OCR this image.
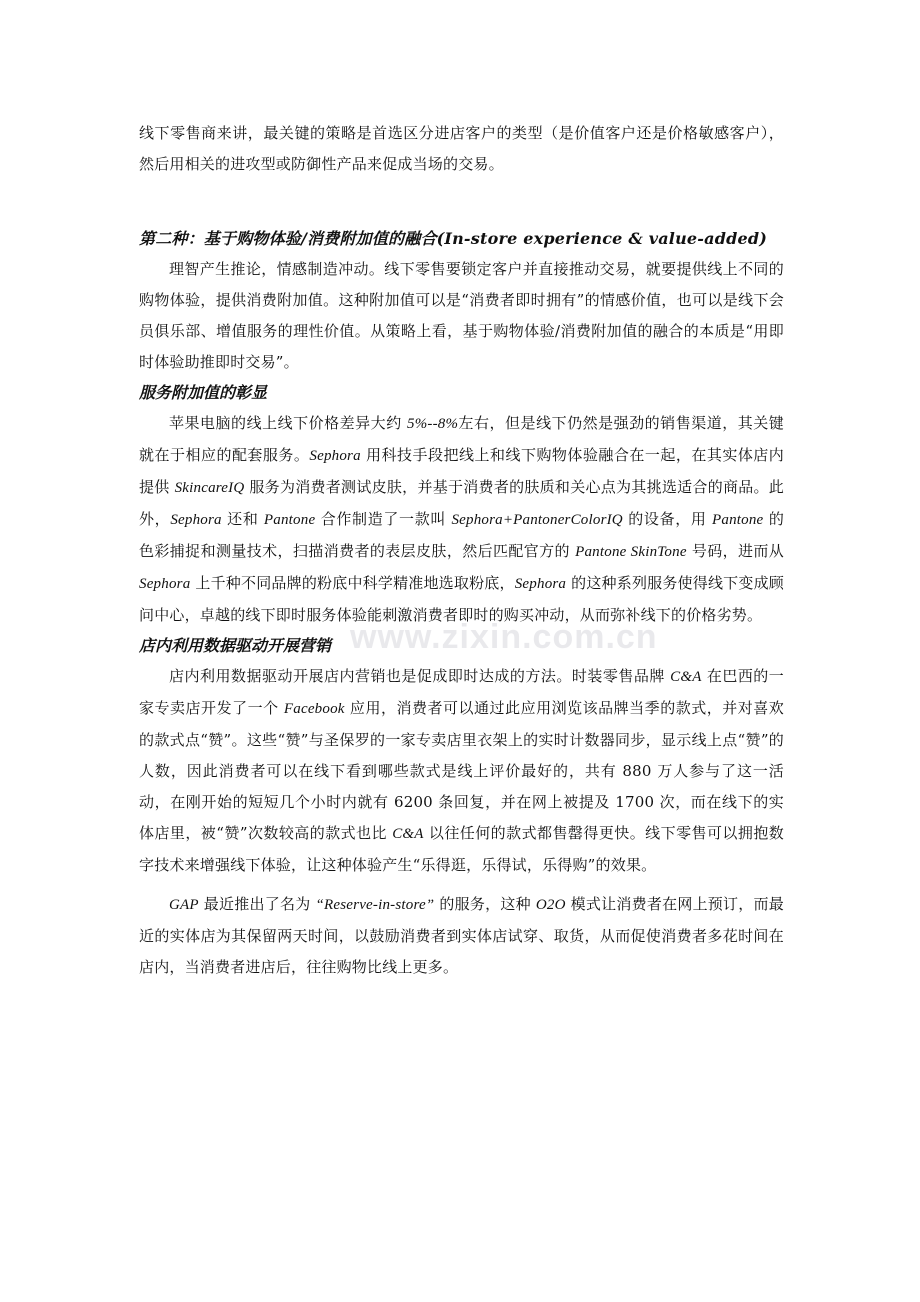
线下零售商来讲，最关键的策略是首选区分进店客户的类型（是价值客户还是价格敏感客户），然后用相关的进攻型或防御性产品来促成当场的交易。

第二种：基于购物体验/消费附加值的融合(In-store experience & value-added)

理智产生推论，情感制造冲动。线下零售要锁定客户并直接推动交易，就要提供线上不同的购物体验，提供消费附加值。这种附加值可以是“消费者即时拥有”的情感价值，也可以是线下会员俱乐部、增值服务的理性价值。从策略上看，基于购物体验/消费附加值的融合的本质是“用即时体验助推即时交易”。

服务附加值的彰显

苹果电脑的线上线下价格差异大约 5%--8%左右，但是线下仍然是强劲的销售渠道，其关键就在于相应的配套服务。Sephora 用科技手段把线上和线下购物体验融合在一起，在其实体店内提供 SkincareIQ 服务为消费者测试皮肤，并基于消费者的肤质和关心点为其挑选适合的商品。此外，Sephora 还和 Pantone 合作制造了一款叫 Sephora+PantonerColorIQ 的设备，用 Pantone 的色彩捕捉和测量技术，扫描消费者的表层皮肤，然后匹配官方的 Pantone SkinTone 号码，进而从 Sephora 上千种不同品牌的粉底中科学精准地选取粉底，Sephora 的这种系列服务使得线下变成顾问中心，卓越的线下即时服务体验能刺激消费者即时的购买冲动，从而弥补线下的价格劣势。

店内利用数据驱动开展营销

店内利用数据驱动开展店内营销也是促成即时达成的方法。时装零售品牌 C&A 在巴西的一家专卖店开发了一个 Facebook 应用，消费者可以通过此应用浏览该品牌当季的款式，并对喜欢的款式点“赞”。这些“赞”与圣保罗的一家专卖店里衣架上的实时计数器同步，显示线上点“赞”的人数，因此消费者可以在线下看到哪些款式是线上评价最好的，共有 880 万人参与了这一活动，在刚开始的短短几个小时内就有 6200 条回复，并在网上被提及 1700 次，而在线下的实体店里，被“赞”次数较高的款式也比 C&A 以往任何的款式都售罄得更快。线下零售可以拥抱数字技术来增强线下体验，让这种体验产生“乐得逛，乐得试，乐得购”的效果。

GAP 最近推出了名为 “Reserve-in-store” 的服务，这种 O2O 模式让消费者在网上预订，而最近的实体店为其保留两天时间，以鼓励消费者到实体店试穿、取货，从而促使消费者多花时间在店内，当消费者进店后，往往购物比线上更多。

www.zixin.com.cn
